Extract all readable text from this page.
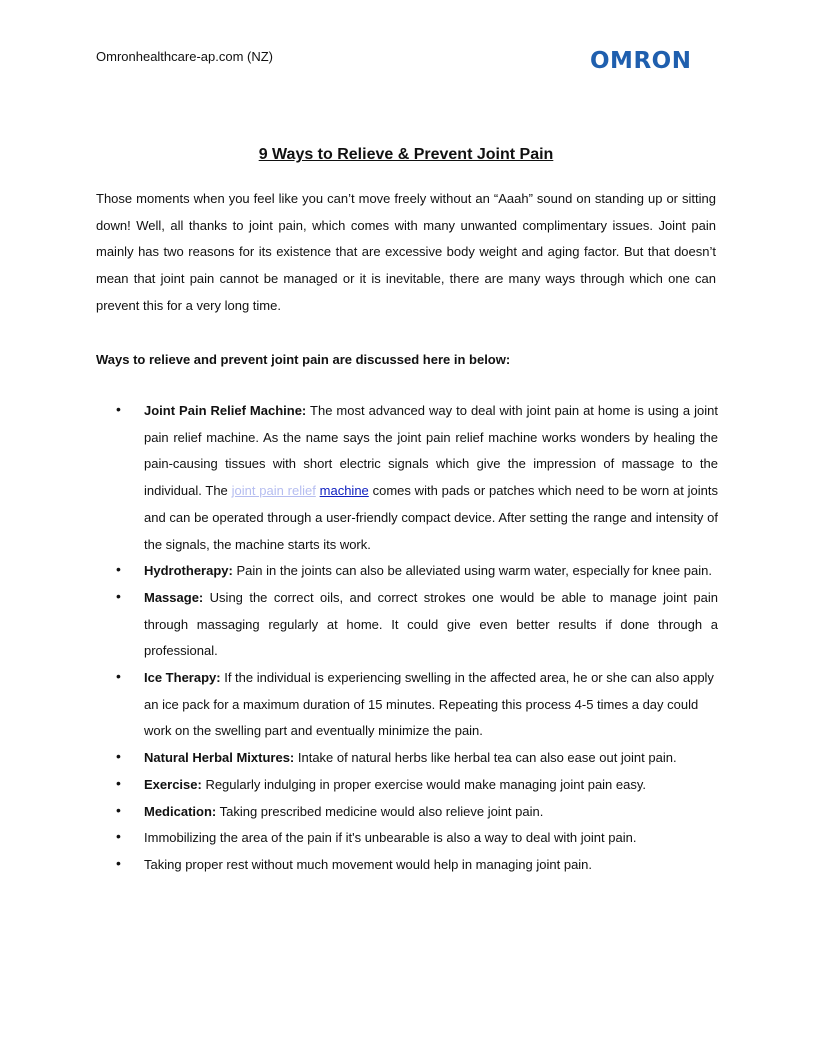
Omronhealthcare-ap.com (NZ)	OMRON
9 Ways to Relieve & Prevent Joint Pain
Those moments when you feel like you can’t move freely without an “Aaah” sound on standing up or sitting down! Well, all thanks to joint pain, which comes with many unwanted complimentary issues. Joint pain mainly has two reasons for its existence that are excessive body weight and aging factor. But that doesn’t mean that joint pain cannot be managed or it is inevitable, there are many ways through which one can prevent this for a very long time.
Ways to relieve and prevent joint pain are discussed here in below:
• Joint Pain Relief Machine: The most advanced way to deal with joint pain at home is using a joint pain relief machine. As the name says the joint pain relief machine works wonders by healing the pain-causing tissues with short electric signals which give the impression of massage to the individual. The joint pain relief machine comes with pads or patches which need to be worn at joints and can be operated through a user-friendly compact device. After setting the range and intensity of the signals, the machine starts its work.
• Hydrotherapy: Pain in the joints can also be alleviated using warm water, especially for knee pain.
• Massage: Using the correct oils, and correct strokes one would be able to manage joint pain through massaging regularly at home. It could give even better results if done through a professional.
• Ice Therapy: If the individual is experiencing swelling in the affected area, he or she can also apply an ice pack for a maximum duration of 15 minutes. Repeating this process 4-5 times a day could work on the swelling part and eventually minimize the pain.
• Natural Herbal Mixtures: Intake of natural herbs like herbal tea can also ease out joint pain.
• Exercise: Regularly indulging in proper exercise would make managing joint pain easy.
• Medication: Taking prescribed medicine would also relieve joint pain.
• Immobilizing the area of the pain if it's unbearable is also a way to deal with joint pain.
• Taking proper rest without much movement would help in managing joint pain.
